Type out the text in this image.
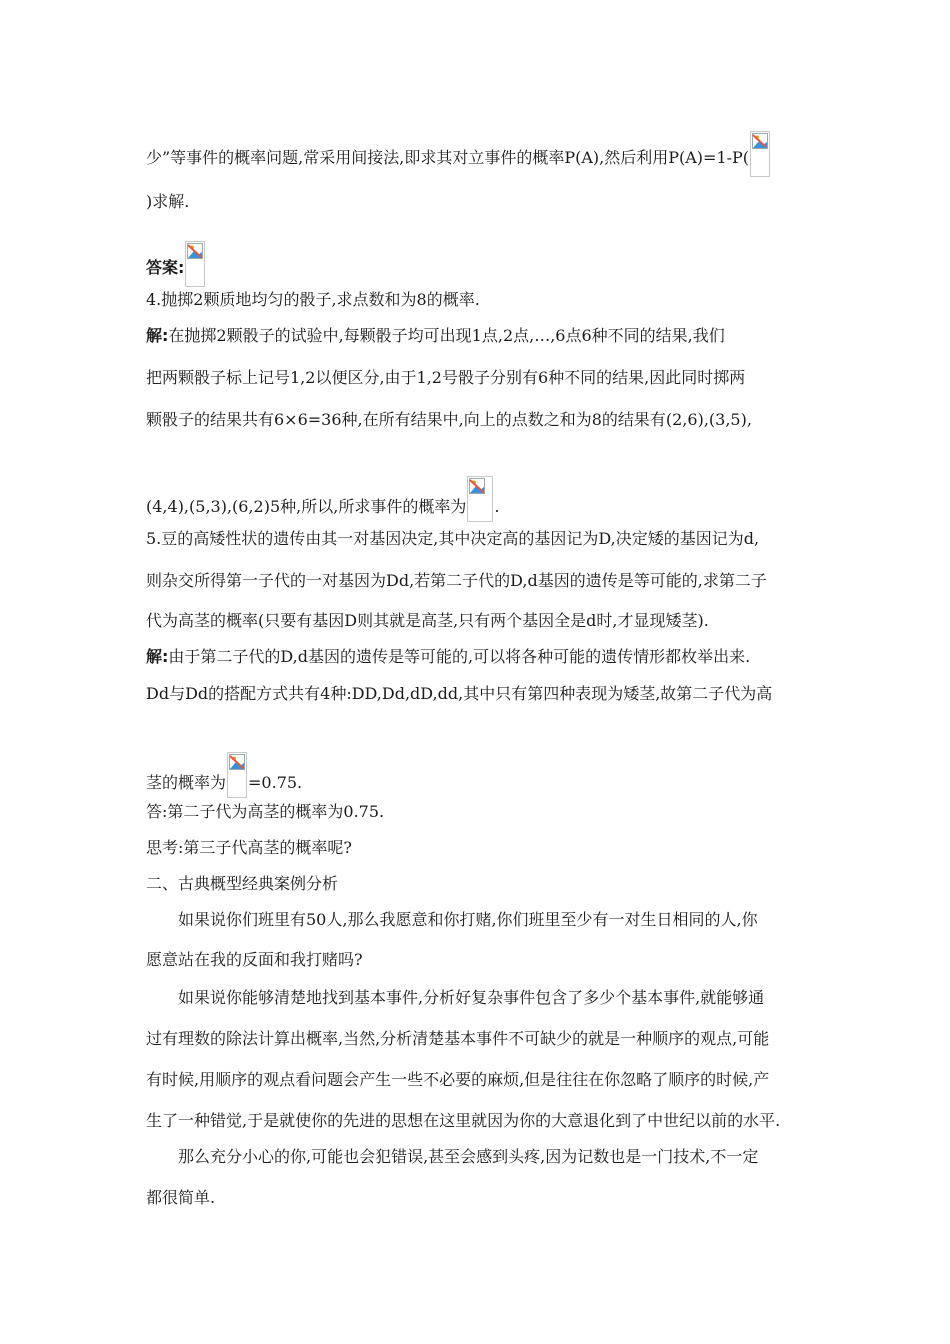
少”等事件的概率问题,常采用间接法,即求其对立事件的概率P(A),然后利用P(A)=1-P(
)求解.
答案:
4.抛掷2颗质地均匀的骰子,求点数和为8的概率.
解:在抛掷2颗骰子的试验中,每颗骰子均可出现1点,2点,…,6点6种不同的结果,我们
把两颗骰子标上记号1,2以便区分,由于1,2号骰子分别有6种不同的结果,因此同时掷两
颗骰子的结果共有6×6=36种,在所有结果中,向上的点数之和为8的结果有(2,6),(3,5),
(4,4),(5,3),(6,2)5种,所以,所求事件的概率为 .
5.豆的高矮性状的遗传由其一对基因决定,其中决定高的基因记为D,决定矮的基因记为d,
则杂交所得第一子代的一对基因为Dd,若第二子代的D,d基因的遗传是等可能的,求第二子
代为高茎的概率(只要有基因D则其就是高茎,只有两个基因全是d时,才显现矮茎).
解:由于第二子代的D,d基因的遗传是等可能的,可以将各种可能的遗传情形都枚举出来.
Dd与Dd的搭配方式共有4种:DD,Dd,dD,dd,其中只有第四种表现为矮茎,故第二子代为高
茎的概率为 =0.75.
答:第二子代为高茎的概率为0.75.
思考:第三子代高茎的概率呢?
二、古典概型经典案例分析
如果说你们班里有50人,那么我愿意和你打赌,你们班里至少有一对生日相同的人,你
愿意站在我的反面和我打赌吗?
如果说你能够清楚地找到基本事件,分析好复杂事件包含了多少个基本事件,就能够通
过有理数的除法计算出概率,当然,分析清楚基本事件不可缺少的就是一种顺序的观点,可能
有时候,用顺序的观点看问题会产生一些不必要的麻烦,但是往往在你忽略了顺序的时候,产
生了一种错觉,于是就使你的先进的思想在这里就因为你的大意退化到了中世纪以前的水平.
那么充分小心的你,可能也会犯错误,甚至会感到头疼,因为记数也是一门技术,不一定
都很简单.
